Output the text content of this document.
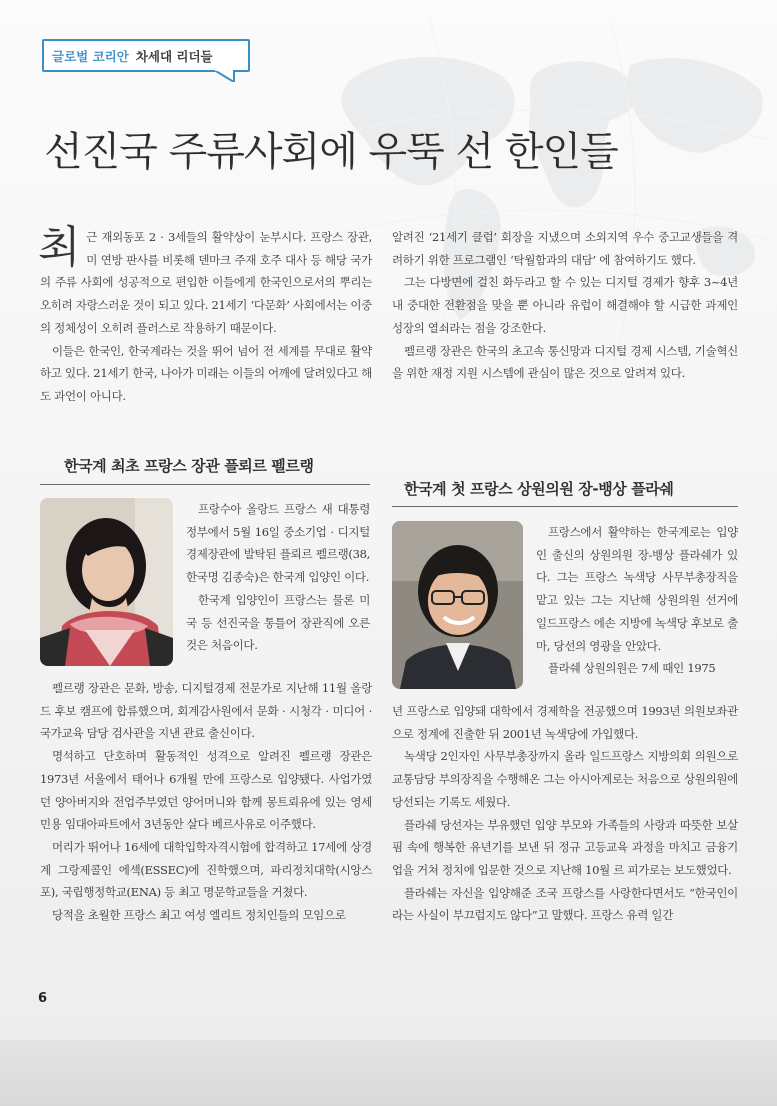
글로벌 코리안 차세대 리더들
선진국 주류사회에 우뚝 선 한인들

최근 재외동포 2 · 3세들의 활약상이 눈부시다. 프랑스 장관, 미 연방 판사를 비롯해 덴마크 주재 호주 대사 등 해당 국가의 주류 사회에 성공적으로 편입한 이들에게 한국인으로서의 뿌리는 오히려 자랑스러운 것이 되고 있다. 21세기 ‘다문화’ 사회에서는 이중의 정체성이 오히려 플러스로 작용하기 때문이다.

이들은 한국인, 한국계라는 것을 뛰어 넘어 전 세계를 무대로 활약하고 있다. 21세기 한국, 나아가 미래는 이들의 어깨에 달려있다고 해도 과언이 아니다.

알려진 ‘21세기 클럽’ 회장을 지냈으며 소외지역 우수 중고교생들을 격려하기 위한 프로그램인 ‘탁월함과의 대담’ 에 참여하기도 했다.

그는 다방면에 걸친 화두라고 할 수 있는 디지털 경제가 향후 3~4년 내 중대한 전환점을 맞을 뿐 아니라 유럽이 해결해야 할 시급한 과제인 성장의 열쇠라는 점을 강조한다.

펠르랭 장관은 한국의 초고속 통신망과 디지털 경제 시스템, 기술혁신을 위한 재정 지원 시스템에 관심이 많은 것으로 알려져 있다.

한국계 최초 프랑스 장관 플뢰르 펠르랭

프랑수아 올랑드 프랑스 새 대통령 정부에서 5월 16일 중소기업 · 디지털 경제장관에 발탁된 플뢰르 펠르랭(38, 한국명 김종숙)은 한국계 입양인 이다.

한국계 입양인이 프랑스는 물론 미국 등 선진국을 통틀어 장관직에 오른 것은 처음이다.

펠르랭 장관은 문화, 방송, 디지털경제 전문가로 지난해 11월 올랑드 후보 캠프에 합류했으며, 회계감사원에서 문화 · 시청각 · 미디어 · 국가교육 담당 검사관을 지낸 관료 출신이다.

명석하고 단호하며 활동적인 성격으로 알려진 펠르랭 장관은 1973년 서울에서 태어나 6개월 만에 프랑스로 입양됐다. 사업가였던 양아버지와 전업주부였던 양어머니와 함께 몽트뢰유에 있는 영세민용 임대아파트에서 3년동안 살다 베르사유로 이주했다.

머리가 뛰어나 16세에 대학입학자격시험에 합격하고 17세에 상경계 그랑제콜인 에섹(ESSEC)에 진학했으며, 파리정치대학(시앙스포), 국립행정학교(ENA) 등 최고 명문학교들을 거쳤다.

당적을 초월한 프랑스 최고 여성 엘리트 정치인들의 모임으로

한국계 첫 프랑스 상원의원 장-뱅상 플라쉐

프랑스에서 활약하는 한국계로는 입양인 출신의 상원의원 장-뱅상 플라쉐가 있다. 그는 프랑스 녹색당 사무부총장직을 맡고 있는 그는 지난해 상원의원 선거에 일드프랑스 에손 지방에 녹색당 후보로 출마, 당선의 영광을 안았다.

플라쉐 상원의원은 7세 때인 1975

년 프랑스로 입양돼 대학에서 경제학을 전공했으며 1993년 의원보좌관으로 정계에 진출한 뒤 2001년 녹색당에 가입했다.

녹색당 2인자인 사무부총장까지 올라 일드프랑스 지방의회 의원으로 교통담당 부의장직을 수행해온 그는 아시아계로는 처음으로 상원의원에 당선되는 기록도 세웠다.

플라쉐 당선자는 부유했던 입양 부모와 가족들의 사랑과 따뜻한 보살핌 속에 행복한 유년기를 보낸 뒤 정규 고등교육 과정을 마치고 금융기업을 거쳐 정치에 입문한 것으로 지난해 10월 르 피가로는 보도했었다.

플라쉐는 자신을 입양해준 조국 프랑스를 사랑한다면서도 “한국인이라는 사실이 부끄럽지도 않다”고 말했다. 프랑스 유력 일간

6
